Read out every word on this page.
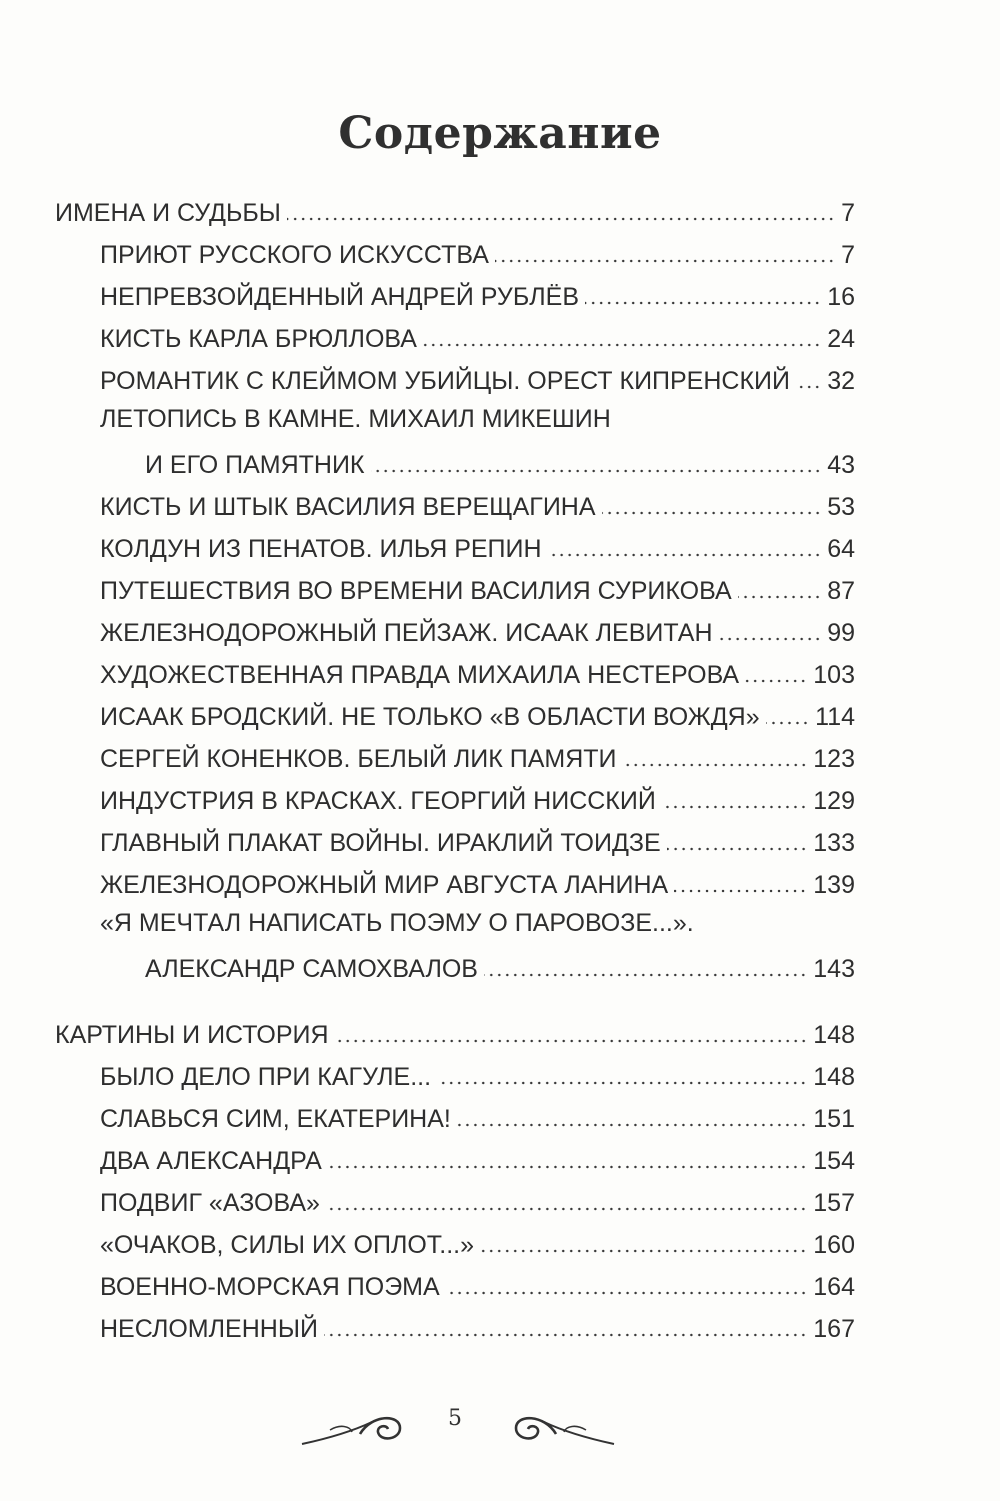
Содержание
ИМЕНА И СУДЬБЫ	7
ПРИЮТ РУССКОГО ИСКУССТВА	7
НЕПРЕВЗОЙДЕННЫЙ АНДРЕЙ РУБЛЁВ	16
КИСТЬ КАРЛА БРЮЛЛОВА	24
РОМАНТИК С КЛЕЙМОМ УБИЙЦЫ. ОРЕСТ КИПРЕНСКИЙ 32
ЛЕТОПИСЬ В КАМНЕ. МИХАИЛ МИКЕШИН
И ЕГО ПАМЯТНИК	43
КИСТЬ И ШТЫК ВАСИЛИЯ ВЕРЕЩАГИНА	53
КОЛДУН ИЗ ПЕНАТОВ. ИЛЬЯ РЕПИН	64
ПУТЕШЕСТВИЯ ВО ВРЕМЕНИ ВАСИЛИЯ СУРИКОВА	87
ЖЕЛЕЗНОДОРОЖНЫЙ ПЕЙЗАЖ. ИСААК ЛЕВИТАН	99
ХУДОЖЕСТВЕННАЯ ПРАВДА МИХАИЛА НЕСТЕРОВА	103
ИСААК БРОДСКИЙ. НЕ ТОЛЬКО «В ОБЛАСТИ ВОЖДЯ» 114
СЕРГЕЙ КОНЕНКОВ. БЕЛЫЙ ЛИК ПАМЯТИ	123
ИНДУСТРИЯ В КРАСКАХ. ГЕОРГИЙ НИССКИЙ	129
ГЛАВНЫЙ ПЛАКАТ ВОЙНЫ. ИРАКЛИЙ ТОИДЗЕ	133
ЖЕЛЕЗНОДОРОЖНЫЙ МИР АВГУСТА ЛАНИНА	139
«Я МЕЧТАЛ НАПИСАТЬ ПОЭМУ О ПАРОВОЗЕ...».
АЛЕКСАНДР САМОХВАЛОВ	143
КАРТИНЫ И ИСТОРИЯ	148
БЫЛО ДЕЛО ПРИ КАГУЛЕ...	148
СЛАВЬСЯ СИМ, ЕКАТЕРИНА!	151
ДВА АЛЕКСАНДРА	154
ПОДВИГ «АЗОВА»	157
«ОЧАКОВ, СИЛЫ ИХ ОПЛОТ...»	160
ВОЕННО-МОРСКАЯ ПОЭМА	164
НЕСЛОМЛЕННЫЙ	167
5
